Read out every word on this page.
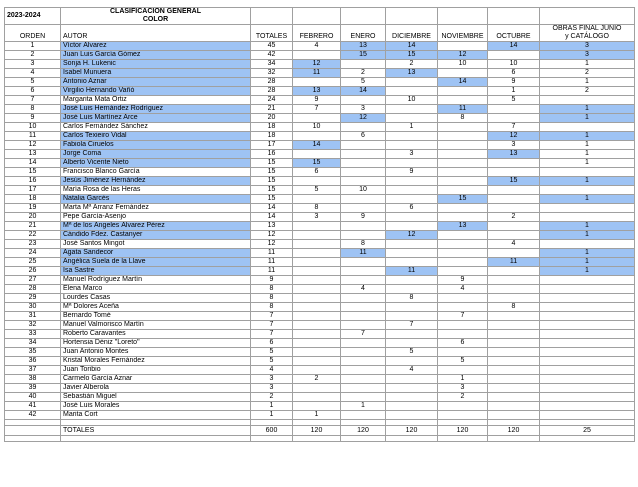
2023-2024	CLASIFICACIÓN GENERAL
COLOR							

ORDEN	AUTOR	TOTALES	FEBRERO	ENERO	DICIEMBRE	NOVIEMBRE	OCTUBRE	OBRAS FINAL JUNIO
y CATÁLOGO

1	Víctor Álvarez	45	4	13	14		14	3
2	Juan Luis García Gómez	42		15	15	12		3
3	Sonja H. Lukenic	34	12		2	10	10	1
4	Isabel Munuera	32	11	2	13		6	2
5	Antonio Aznar	28		5		14	9	1
6	Virgilio Hernando Vañó	28	13	14			1	2
7	Margarita Mata Ortiz	24	9		10		5	
8	José Luis Hernández Rodríguez	21	7	3		11		1
9	José Luis Martínez Arce	20		12		8		1
10	Carlos Fernández Sánchez	18	10		1		7	
11	Carlos Texieiro Vidal	18		6			12	1
12	Fabiola Ciruelos	17	14				3	1
13	Jorge Coma	16			3		13	1
14	Alberto Vicente Nieto	15	15					1
15	Francisco Blanco García	15	6		9			
16	Jesús Jiménez Hernández	15					15	1
17	María Rosa de las Heras	15	5	10				
18	Natalia Garcés	15				15		1
19	Marta Mª Arranz Fernández	14	8		6			
20	Pepe García-Asenjo	14	3	9			2	
21	Mª de los Ángeles Álvarez Pérez	13				13		1
22	Cándido Fdez. Castanyer	12			12			1
23	José Santos Mingot	12		8			4	
24	Agata Sandecor	11		11				1
25	Angélica Suela de la Llave	11					11	1
26	Isa Sastre	11			11			1
27	Manuel Rodríguez Martín	9				9		
28	Elena Marco	8		4		4		
29	Lourdes Casas	8			8			
30	Mª Dolores Aceña	8					8	
31	Bernardo Tomé	7				7		
32	Manuel Valmorisco Martín	7			7			
33	Roberto Caravantes	7		7				
34	Hortensia Déniz "Loreto"	6				6		
35	Juan Antonio Montes	5			5			
36	Kristal Morales Fernández	5				5		
37	Juan Toribio	4			4			
38	Carmelo García Aznar	3	2			1		
39	Javier Alberola	3				3		
40	Sebastián Miguel	2				2		
41	José Luis Morales	1		1				
42	Marita Cort	1	1					

	TOTALES	600	120	120	120	120	120	25
